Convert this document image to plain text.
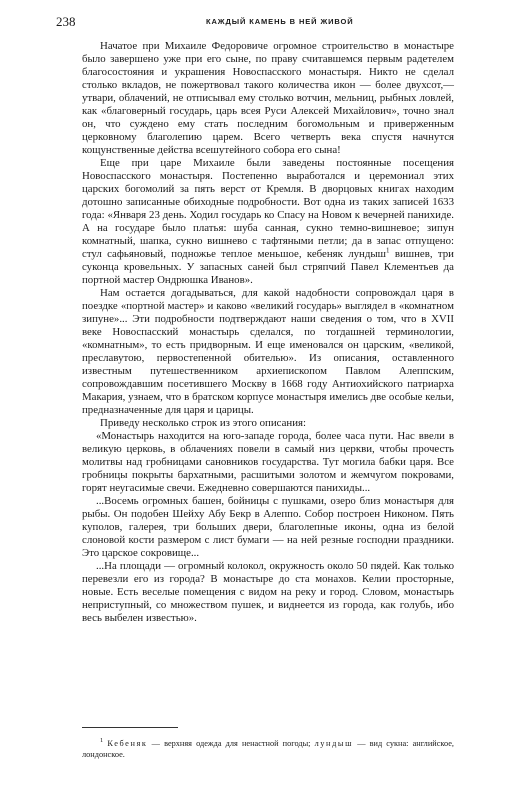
238	КАЖДЫЙ КАМЕНЬ В НЕЙ ЖИВОЙ

Начатое при Михаиле Федоровиче огромное строительство в монастыре было завершено уже при его сыне, по праву считавшемся первым радетелем благосостояния и украшения Новоспасского монастыря. Никто не сделал столько вкладов, не пожертвовал такого количества икон — более двухсот,— утвари, облачений, не отписывал ему столько вотчин, мельниц, рыбных ловлей, как «благоверный государь, царь всея Руси Алексей Михайлович», точно знал он, что суждено ему стать последним богомольным и приверженным церковному благолепию царем. Всего четверть века спустя начнутся кощунственные действа всешутейного собора его сына!

Еще при царе Михаиле были заведены постоянные посещения Новоспасского монастыря. Постепенно выработался и церемониал этих царских богомолий за пять верст от Кремля. В дворцовых книгах находим дотошно записанные обиходные подробности. Вот одна из таких записей 1633 года: «Января 23 день. Ходил государь ко Спасу на Новом к вечерней панихиде. А на государе было платья: шуба санная, сукно темно-вишневое; зипун комнатный, шапка, сукно вишнево с тафтяными петли; да в запас отпущено: стул сафьяновый, подножье теплое меньшое, кебеняк лундыш$^1$ вишнев, три суконца кровельных. У запасных саней был стряпчий Павел Клементьев да портной мастер Ондрюшка Иванов».

Нам остается догадываться, для какой надобности сопровождал царя в поездке «портной мастер» и каково «великий государь» выглядел в «комнатном зипуне»... Эти подробности подтверждают наши сведения о том, что в XVII веке Новоспасский монастырь сделался, по тогдашней терминологии, «комнатным», то есть придворным. И еще именовался он царским, «великой, преславутою, первостепенной обителью». Из описания, оставленного известным путешественником архиепископом Павлом Алеппским, сопровождавшим посетившего Москву в 1668 году Антиохийского патриарха Макария, узнаем, что в братском корпусе монастыря имелись две особые кельи, предназначенные для царя и царицы.

Приведу несколько строк из этого описания:

«Монастырь находится на юго-западе города, более часа пути. Нас ввели в великую церковь, в облачениях повели в самый низ церкви, чтобы прочесть молитвы над гробницами сановников государства. Тут могила бабки царя. Все гробницы покрыты бархатными, расшитыми золотом и жемчугом покровами, горят неугасимые свечи. Ежедневно совершаются панихиды...

...Восемь огромных башен, бойницы с пушками, озеро близ монастыря для рыбы. Он подобен Шейху Абу Бекр в Алеппо. Собор построен Никоном. Пять куполов, галерея, три больших двери, благолепные иконы, одна из белой слоновой кости размером с лист бумаги — на ней резные господни праздники. Это царское сокровище...

...На площади — огромный колокол, окружность около 50 пядей. Как только перевезли его из города? В монастыре до ста монахов. Келии просторные, новые. Есть веселые помещения с видом на реку и город. Словом, монастырь неприступный, со множеством пушек, и виднеется из города, как голубь, ибо весь выбелен известью».

$^1$ Кебеняк — верхняя одежда для ненастной погоды; лундыш — вид сукна: английское, лондонское.
